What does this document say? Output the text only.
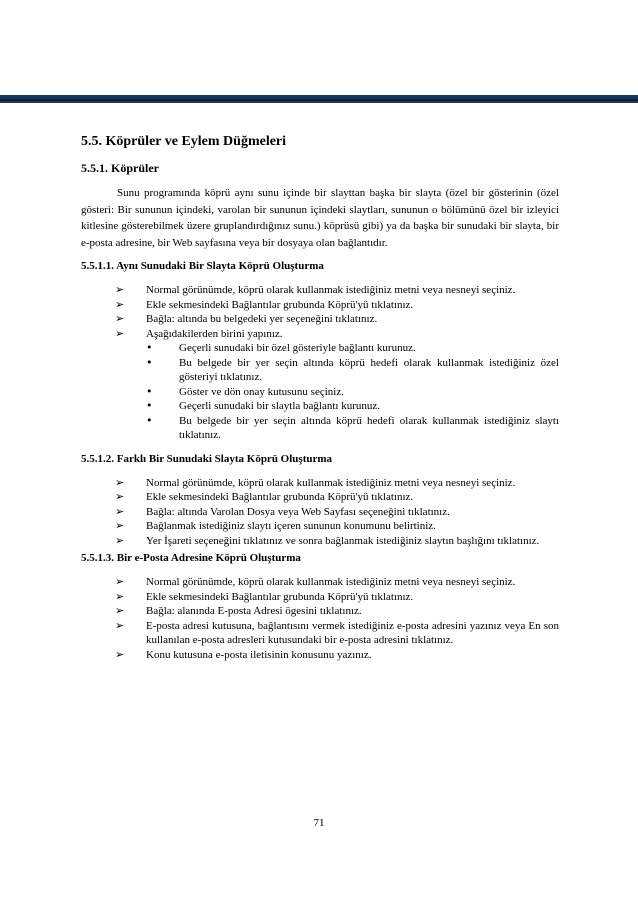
5.5. Köprüler ve Eylem Düğmeleri
5.5.1. Köprüler

Sunu programında köprü aynı sunu içinde bir slayttan başka bir slayta (özel bir gösterinin (özel gösteri: Bir sununun içindeki, varolan bir sununun içindeki slaytları, sununun o bölümünü özel bir izleyici kitlesine gösterebilmek üzere gruplandırdığınız sunu.) köprüsü gibi) ya da başka bir sunudaki bir slayta, bir e-posta adresine, bir Web sayfasına veya bir dosyaya olan bağlantıdır.

5.5.1.1. Aynı Sunudaki Bir Slayta Köprü Oluşturma
➢ Normal görünümde, köprü olarak kullanmak istediğiniz metni veya nesneyi seçiniz.
➢ Ekle sekmesindeki Bağlantılar grubunda Köprü'yü tıklatınız.
➢ Bağla: altında bu belgedeki yer seçeneğini tıklatınız.
➢ Aşağıdakilerden birini yapınız.
• Geçerli sunudaki bir özel gösteriyle bağlantı kurunuz.
• Bu belgede bir yer seçin altında köprü hedefi olarak kullanmak istediğiniz özel gösteriyi tıklatınız.
• Göster ve dön onay kutusunu seçiniz.
• Geçerli sunudaki bir slaytla bağlantı kurunuz.
• Bu belgede bir yer seçin altında köprü hedefi olarak kullanmak istediğiniz slaytı tıklatınız.
5.5.1.2. Farklı Bir Sunudaki Slayta Köprü Oluşturma
➢ Normal görünümde, köprü olarak kullanmak istediğiniz metni veya nesneyi seçiniz.
➢ Ekle sekmesindeki Bağlantılar grubunda Köprü'yü tıklatınız.
➢ Bağla: altında Varolan Dosya veya Web Sayfası seçeneğini tıklatınız.
➢ Bağlanmak istediğiniz slaytı içeren sununun konumunu belirtiniz.
➢ Yer İşareti seçeneğini tıklatınız ve sonra bağlanmak istediğiniz slaytın başlığını tıklatınız.
5.5.1.3. Bir e-Posta Adresine Köprü Oluşturma
➢ Normal görünümde, köprü olarak kullanmak istediğiniz metni veya nesneyi seçiniz.
➢ Ekle sekmesindeki Bağlantılar grubunda Köprü'yü tıklatınız.
➢ Bağla: alanında E-posta Adresi ögesini tıklatınız.
➢ E-posta adresi kutusuna, bağlantısını vermek istediğiniz e-posta adresini yazınız veya En son kullanılan e-posta adresleri kutusundaki bir e-posta adresini tıklatınız.
➢ Konu kutusuna e-posta iletisinin konusunu yazınız.
71
